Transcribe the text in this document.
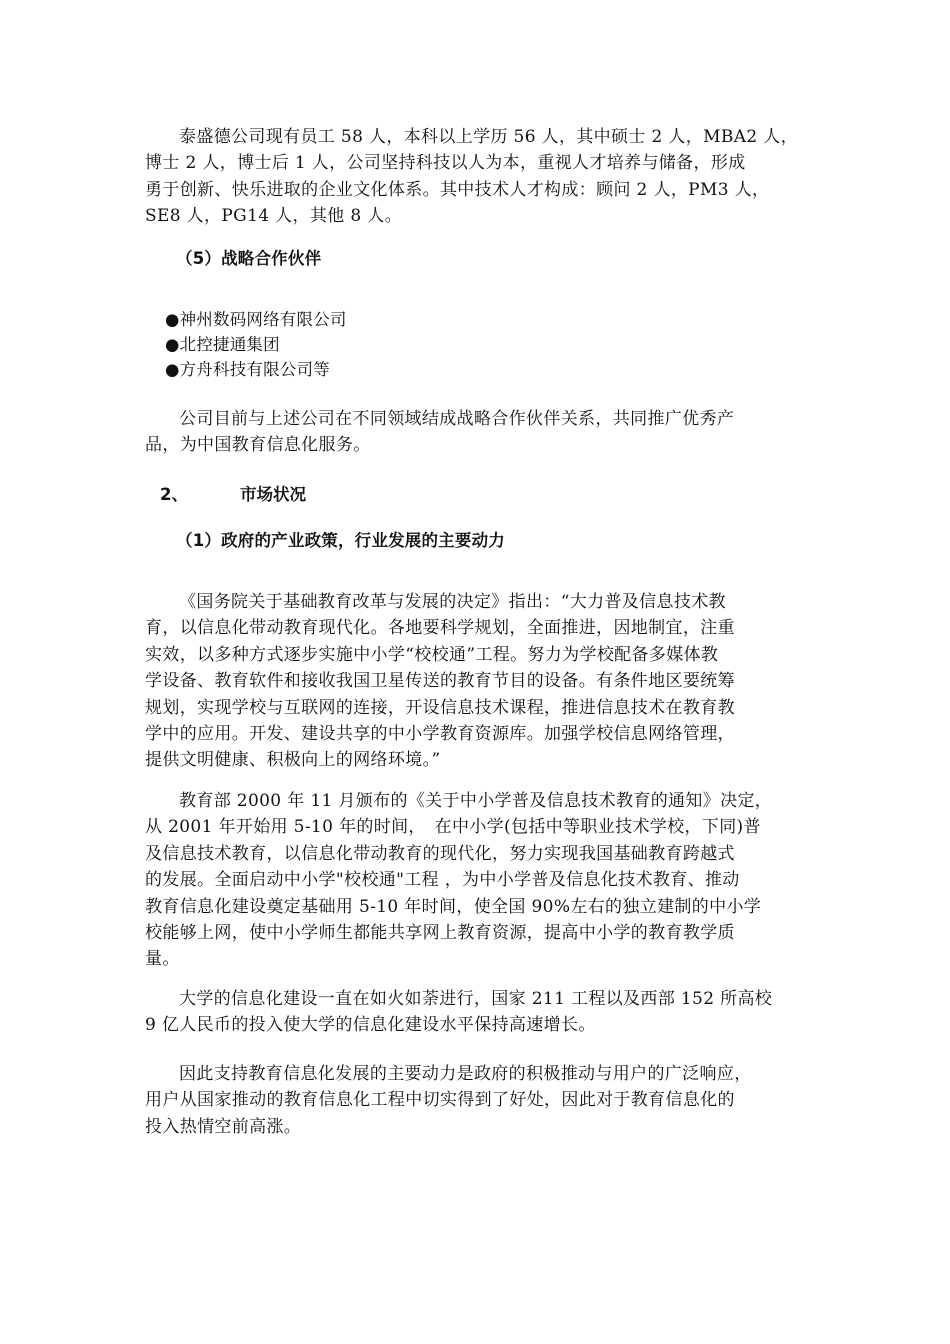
泰盛德公司现有员工 58 人，本科以上学历 56 人，其中硕士 2 人，MBA2 人，
博士 2 人，博士后 1 人，公司坚持科技以人为本，重视人才培养与储备，形成
勇于创新、快乐进取的企业文化体系。其中技术人才构成：顾问 2 人，PM3 人，
SE8 人，PG14 人，其他 8 人。
（5）战略合作伙伴
●神州数码网络有限公司
●北控捷通集团
●方舟科技有限公司等
公司目前与上述公司在不同领域结成战略合作伙伴关系，共同推广优秀产
品，为中国教育信息化服务。
2、	市场状况
（1）政府的产业政策，行业发展的主要动力
《国务院关于基础教育改革与发展的决定》指出：“大力普及信息技术教
育，以信息化带动教育现代化。各地要科学规划，全面推进，因地制宜，注重
实效，以多种方式逐步实施中小学“校校通”工程。努力为学校配备多媒体教
学设备、教育软件和接收我国卫星传送的教育节目的设备。有条件地区要统筹
规划，实现学校与互联网的连接，开设信息技术课程，推进信息技术在教育教
学中的应用。开发、建设共享的中小学教育资源库。加强学校信息网络管理，
提供文明健康、积极向上的网络环境。”
教育部 2000 年 11 月颁布的《关于中小学普及信息技术教育的通知》决定，
从 2001 年开始用 5-10 年的时间，　在中小学(包括中等职业技术学校，下同)普
及信息技术教育，以信息化带动教育的现代化，努力实现我国基础教育跨越式
的发展。全面启动中小学"校校通"工程 ，为中小学普及信息化技术教育、推动
教育信息化建设奠定基础用 5-10 年时间，使全国 90%左右的独立建制的中小学
校能够上网，使中小学师生都能共享网上教育资源，提高中小学的教育教学质
量。
大学的信息化建设一直在如火如荼进行，国家 211 工程以及西部 152 所高校
9 亿人民币的投入使大学的信息化建设水平保持高速增长。
因此支持教育信息化发展的主要动力是政府的积极推动与用户的广泛响应，
用户从国家推动的教育信息化工程中切实得到了好处，因此对于教育信息化的
投入热情空前高涨。
